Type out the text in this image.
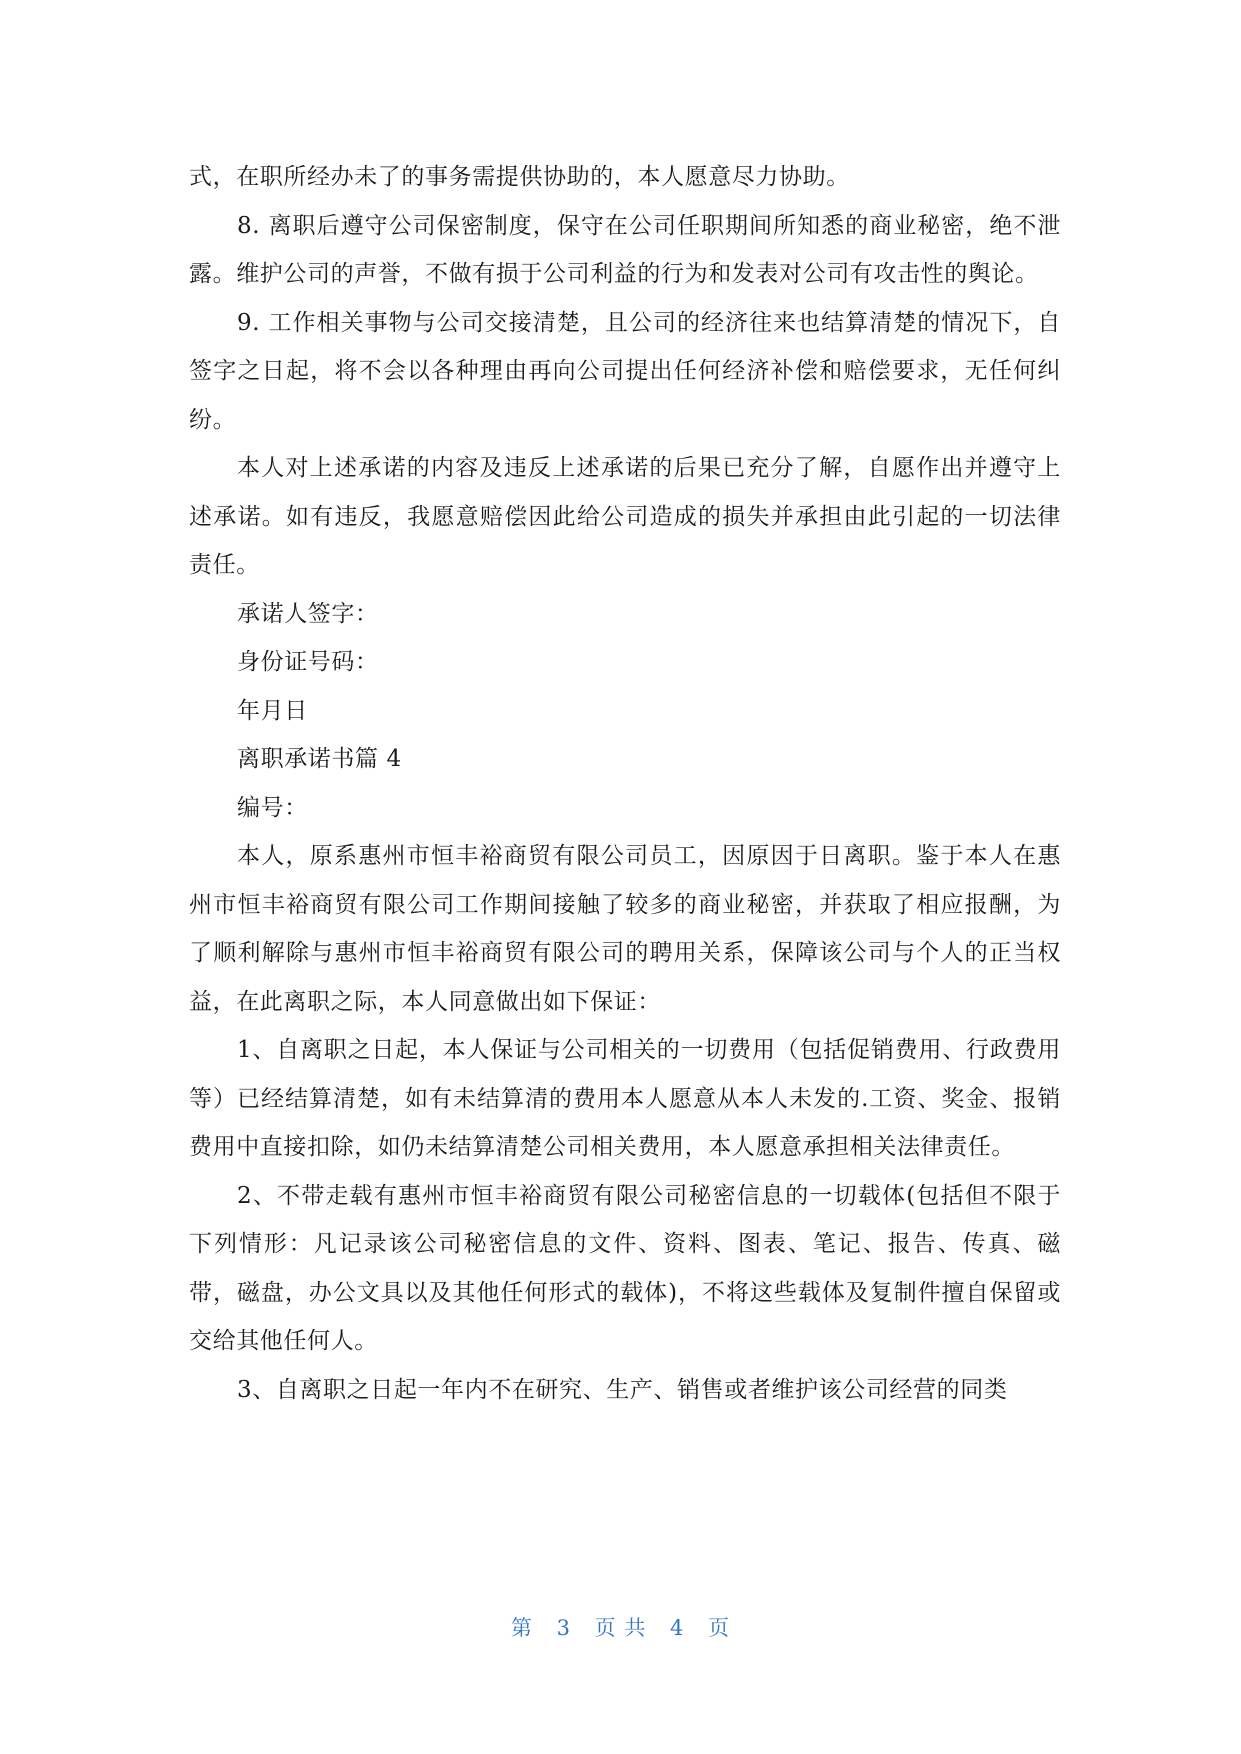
式，在职所经办未了的事务需提供协助的，本人愿意尽力协助。

8. 离职后遵守公司保密制度，保守在公司任职期间所知悉的商业秘密，绝不泄露。维护公司的声誉，不做有损于公司利益的行为和发表对公司有攻击性的舆论。

9. 工作相关事物与公司交接清楚，且公司的经济往来也结算清楚的情况下，自签字之日起，将不会以各种理由再向公司提出任何经济补偿和赔偿要求，无任何纠纷。

本人对上述承诺的内容及违反上述承诺的后果已充分了解，自愿作出并遵守上述承诺。如有违反，我愿意赔偿因此给公司造成的损失并承担由此引起的一切法律责任。

承诺人签字：

身份证号码：

年月日

离职承诺书篇 4

编号：

本人，原系惠州市恒丰裕商贸有限公司员工，因原因于日离职。鉴于本人在惠州市恒丰裕商贸有限公司工作期间接触了较多的商业秘密，并获取了相应报酬，为了顺利解除与惠州市恒丰裕商贸有限公司的聘用关系，保障该公司与个人的正当权益，在此离职之际，本人同意做出如下保证：

1、自离职之日起，本人保证与公司相关的一切费用（包括促销费用、行政费用等）已经结算清楚，如有未结算清的费用本人愿意从本人未发的.工资、奖金、报销费用中直接扣除，如仍未结算清楚公司相关费用，本人愿意承担相关法律责任。

2、不带走载有惠州市恒丰裕商贸有限公司秘密信息的一切载体(包括但不限于下列情形：凡记录该公司秘密信息的文件、资料、图表、笔记、报告、传真、磁带，磁盘，办公文具以及其他任何形式的载体)，不将这些载体及复制件擅自保留或交给其他任何人。

3、自离职之日起一年内不在研究、生产、销售或者维护该公司经营的同类

第 3 页 共 4 页
